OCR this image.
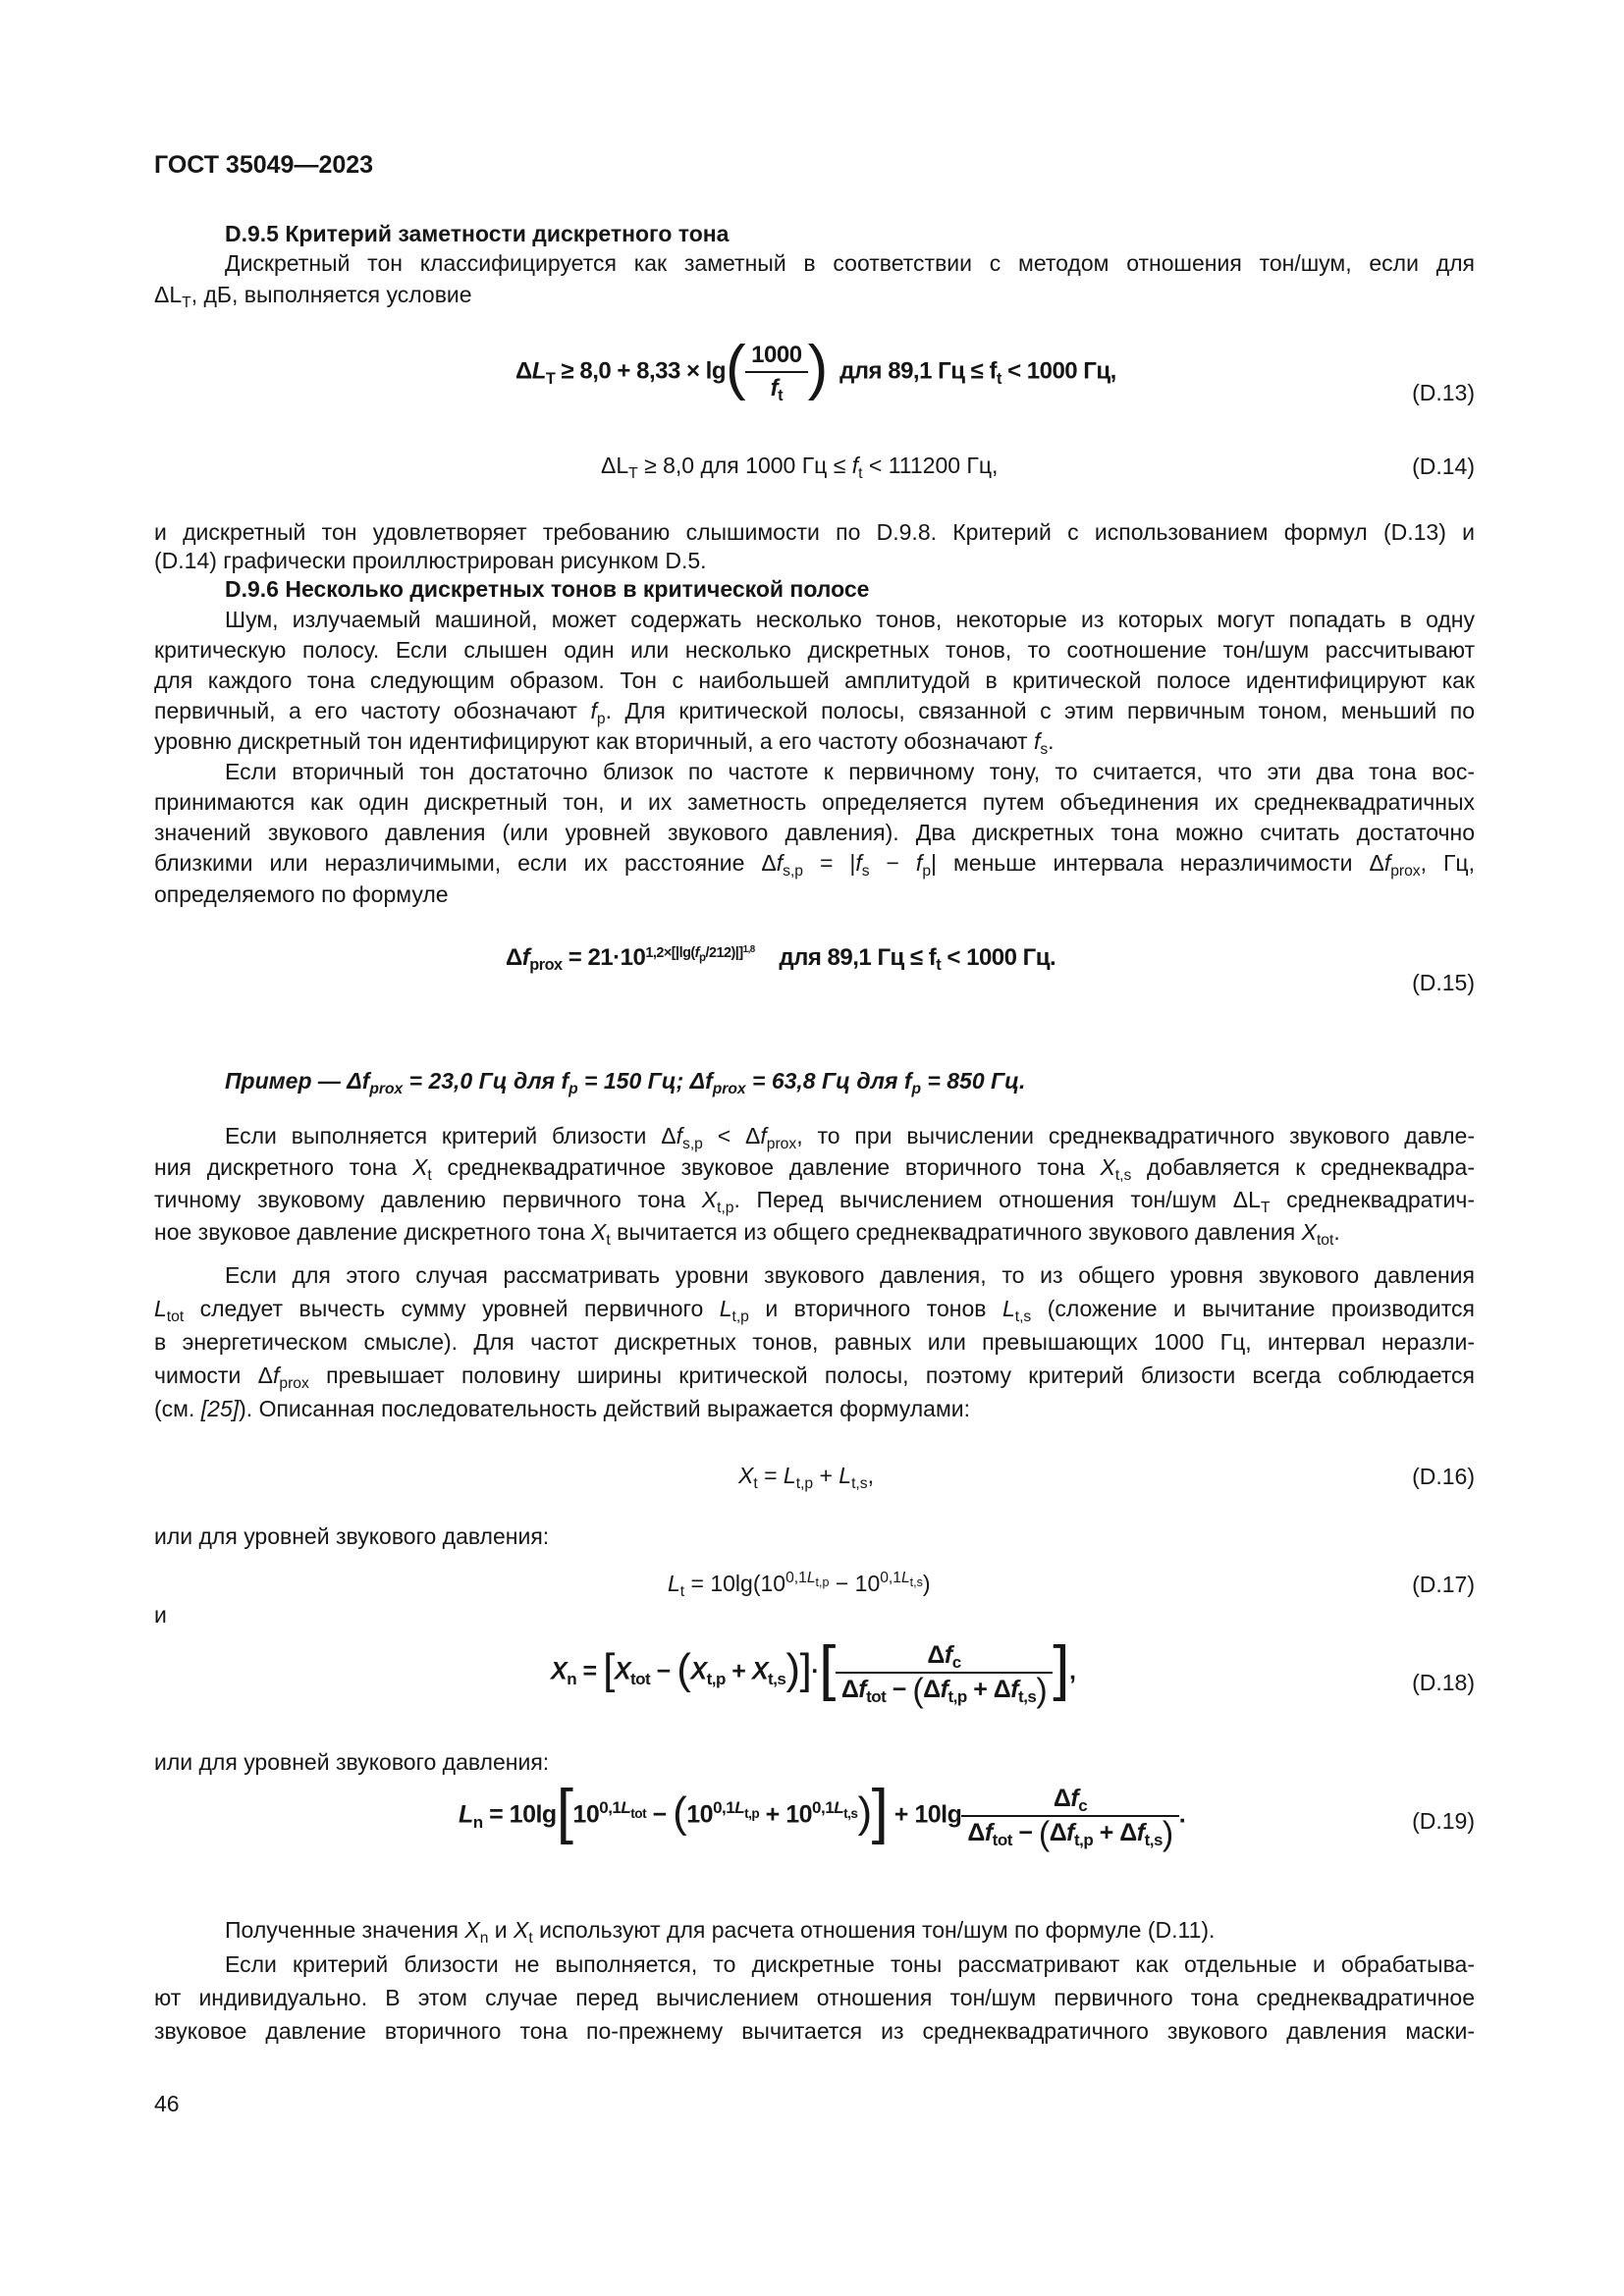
ГОСТ 35049—2023
D.9.5 Критерий заметности дискретного тона
Дискретный тон классифицируется как заметный в соответствии с методом отношения тон/шум, если для
$\Delta L_T$, дБ, выполняется условие
$\Delta L_T \ge 8,0 + 8,33 \times \lg( \frac{1000}{f_t}$ ) для 89,1 Гц ≤ $f_t < 1000$ Гц,
(D.13)
$\Delta L_T \ge 8,0$ для 1000 Гц ≤ $f_t < 111200$ Гц,	(D.14)
и дискретный тон удовлетворяет требованию слышимости по D.9.8. Критерий с использованием формул (D.13) и
(D.14) графически проиллюстрирован рисунком D.5.
D.9.6 Несколько дискретных тонов в критической полосе
Шум, излучаемый машиной, может содержать несколько тонов, некоторые из которых могут попадать в одну
критическую полосу. Если слышен один или несколько дискретных тонов, то соотношение тон/шум рассчитывают
для каждого тона следующим образом. Тон с наибольшей амплитудой в критической полосе идентифицируют как
первичный, а его частоту обозначают $f_p$. Для критической полосы, связанной с этим первичным тоном, меньший по
уровню дискретный тон идентифицируют как вторичный, а его частоту обозначают $f_s$.
Если вторичный тон достаточно близок по частоте к первичному тону, то считается, что эти два тона вос-
принимаются как один дискретный тон, и их заметность определяется путем объединения их среднеквадратичных
значений звукового давления (или уровней звукового давления). Два дискретных тона можно считать достаточно
близкими или неразличимыми, если их расстояние $\Delta f_{s,p} = |f_s - f_p|$ меньше интервала неразличимости $\Delta f_{prox}$, Гц,
определяемого по формуле
$\Delta f_{prox} = 21\cdot 10^{1,2\times[|lg(f_p/212)|]^{1,8}}$ для 89,1 Гц ≤ $f_t < 1000$ Гц.
(D.15)
Пример — $\Delta f_{prox} = 23,0$ Гц для $f_p = 150$ Гц; $\Delta f_{prox} = 63,8$ Гц для $f_p = 850$ Гц.
Если выполняется критерий близости $\Delta f_{s,p} < \Delta f_{prox}$, то при вычислении среднеквадратичного звукового давле-
ния дискретного тона $X_t$ среднеквадратичное звуковое давление вторичного тона $X_{t,s}$ добавляется к среднеквадра-
тичному звуковому давлению первичного тона $X_{t,p}$. Перед вычислением отношения тон/шум $\Delta L_T$ среднеквадратич-
ное звуковое давление дискретного тона $X_t$ вычитается из общего среднеквадратичного звукового давления $X_{tot}$.
Если для этого случая рассматривать уровни звукового давления, то из общего уровня звукового давления
$L_{tot}$ следует вычесть сумму уровней первичного $L_{t,p}$ и вторичного тонов $L_{t,s}$ (сложение и вычитание производится
в энергетическом смысле). Для частот дискретных тонов, равных или превышающих 1000 Гц, интервал неразли-
чимости $\Delta f_{prox}$ превышает половину ширины критической полосы, поэтому критерий близости всегда соблюдается
(см. [25]). Описанная последовательность действий выражается формулами:
$X_t = L_{t,p} + L_{t,s}$,	(D.16)
или для уровней звукового давления:
$L_t = 10\lg(10^{0,1L_{t,p}} - 10^{0,1L_{t,s}})$	(D.17)
и
$X_n = [X_{tot} - (X_{t,p} + X_{t,s})]\cdot[ \frac{\Delta f_c}{\Delta f_{tot} - (\Delta f_{t,p} + \Delta f_{t,s})}$ ],	(D.18)
или для уровней звукового давления:
$L_n = 10\lg[10^{0,1L_{tot}} - (10^{0,1L_{t,p}} + 10^{0,1L_{t,s}})] + 10\lg \frac{\Delta f_c}{\Delta f_{tot} - (\Delta f_{t,p} + \Delta f_{t,s})}$ .	(D.19)
Полученные значения $X_n$ и $X_t$ используют для расчета отношения тон/шум по формуле (D.11).
Если критерий близости не выполняется, то дискретные тоны рассматривают как отдельные и обрабатыва-
ют индивидуально. В этом случае перед вычислением отношения тон/шум первичного тона среднеквадратичное
звуковое давление вторичного тона по-прежнему вычитается из среднеквадратичного звукового давления маски-
46
